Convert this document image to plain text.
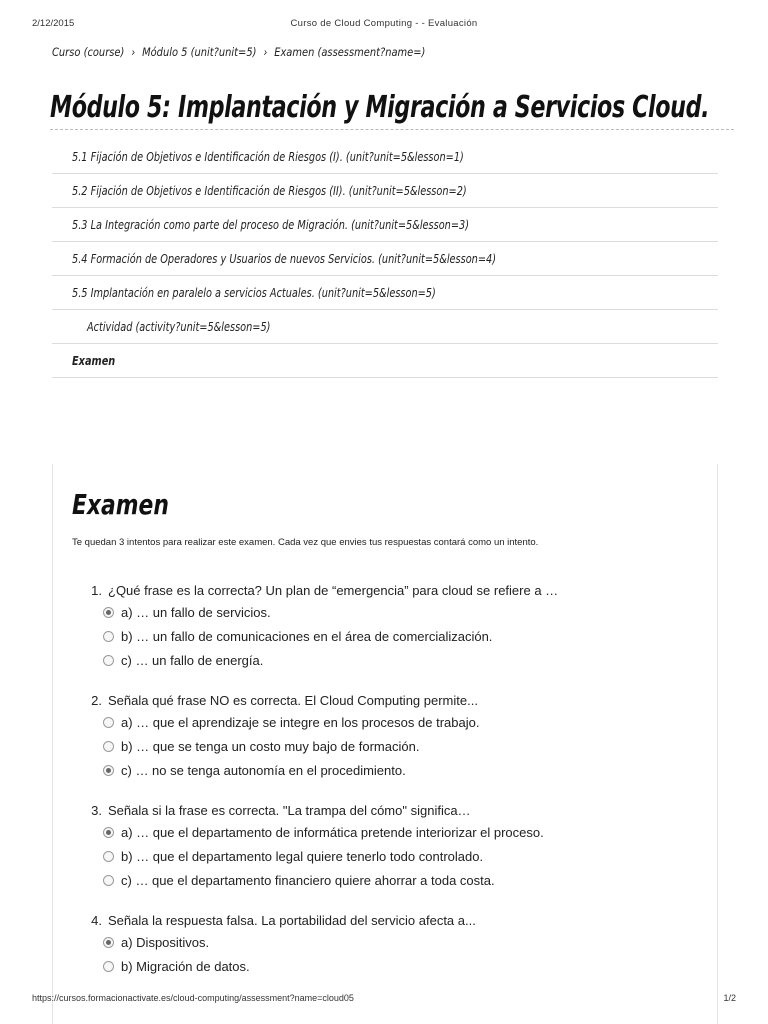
2/12/2015	Curso de Cloud Computing - - Evaluación
Curso (course) › Módulo 5 (unit?unit=5) › Examen (assessment?name=)
Módulo 5: Implantación y Migración a Servicios Cloud.
5.1 Fijación de Objetivos e Identificación de Riesgos (I). (unit?unit=5&lesson=1)
5.2 Fijación de Objetivos e Identificación de Riesgos (II). (unit?unit=5&lesson=2)
5.3 La Integración como parte del proceso de Migración. (unit?unit=5&lesson=3)
5.4 Formación de Operadores y Usuarios de nuevos Servicios. (unit?unit=5&lesson=4)
5.5 Implantación en paralelo a servicios Actuales. (unit?unit=5&lesson=5)
Actividad (activity?unit=5&lesson=5)
Examen
Examen
Te quedan 3 intentos para realizar este examen. Cada vez que envies tus respuestas contará como un intento.
1. ¿Qué frase es la correcta? Un plan de “emergencia” para cloud se refiere a …
a) … un fallo de servicios.
b) … un fallo de comunicaciones en el área de comercialización.
c) … un fallo de energía.
2. Señala qué frase NO es correcta. El Cloud Computing permite...
a) … que el aprendizaje se integre en los procesos de trabajo.
b) … que se tenga un costo muy bajo de formación.
c) … no se tenga autonomía en el procedimiento.
3. Señala si la frase es correcta. "La trampa del cómo" significa…
a) … que el departamento de informática pretende interiorizar el proceso.
b) … que el departamento legal quiere tenerlo todo controlado.
c) … que el departamento financiero quiere ahorrar a toda costa.
4. Señala la respuesta falsa. La portabilidad del servicio afecta a...
a) Dispositivos.
b) Migración de datos.
https://cursos.formacionactivate.es/cloud-computing/assessment?name=cloud05	1/2
